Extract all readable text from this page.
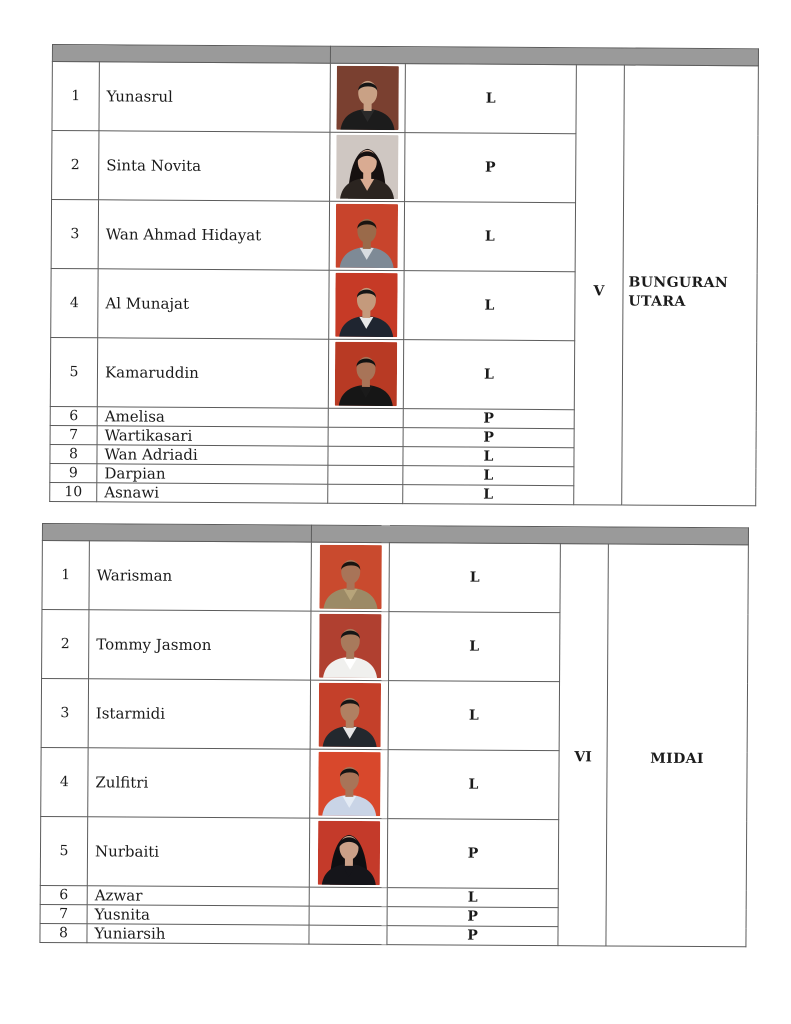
1	Yunasrul		L	V	BUNGURAN
UTARA

2	Sinta Novita		P		
3	Wan Ahmad Hidayat		L		
4	Al Munajat		L		
5	Kamaruddin		L		
6	Amelisa		P		
7	Wartikasari		P		
8	Wan Adriadi		L		
9	Darpian		L		
10	Asnawi		L		

1	Warisman		L	VI	MIDAI
2	Tommy Jasmon		L		
3	Istarmidi		L		
4	Zulfitri		L		
5	Nurbaiti		P		
6	Azwar		L		
7	Yusnita		P		
8	Yuniarsih		P		
